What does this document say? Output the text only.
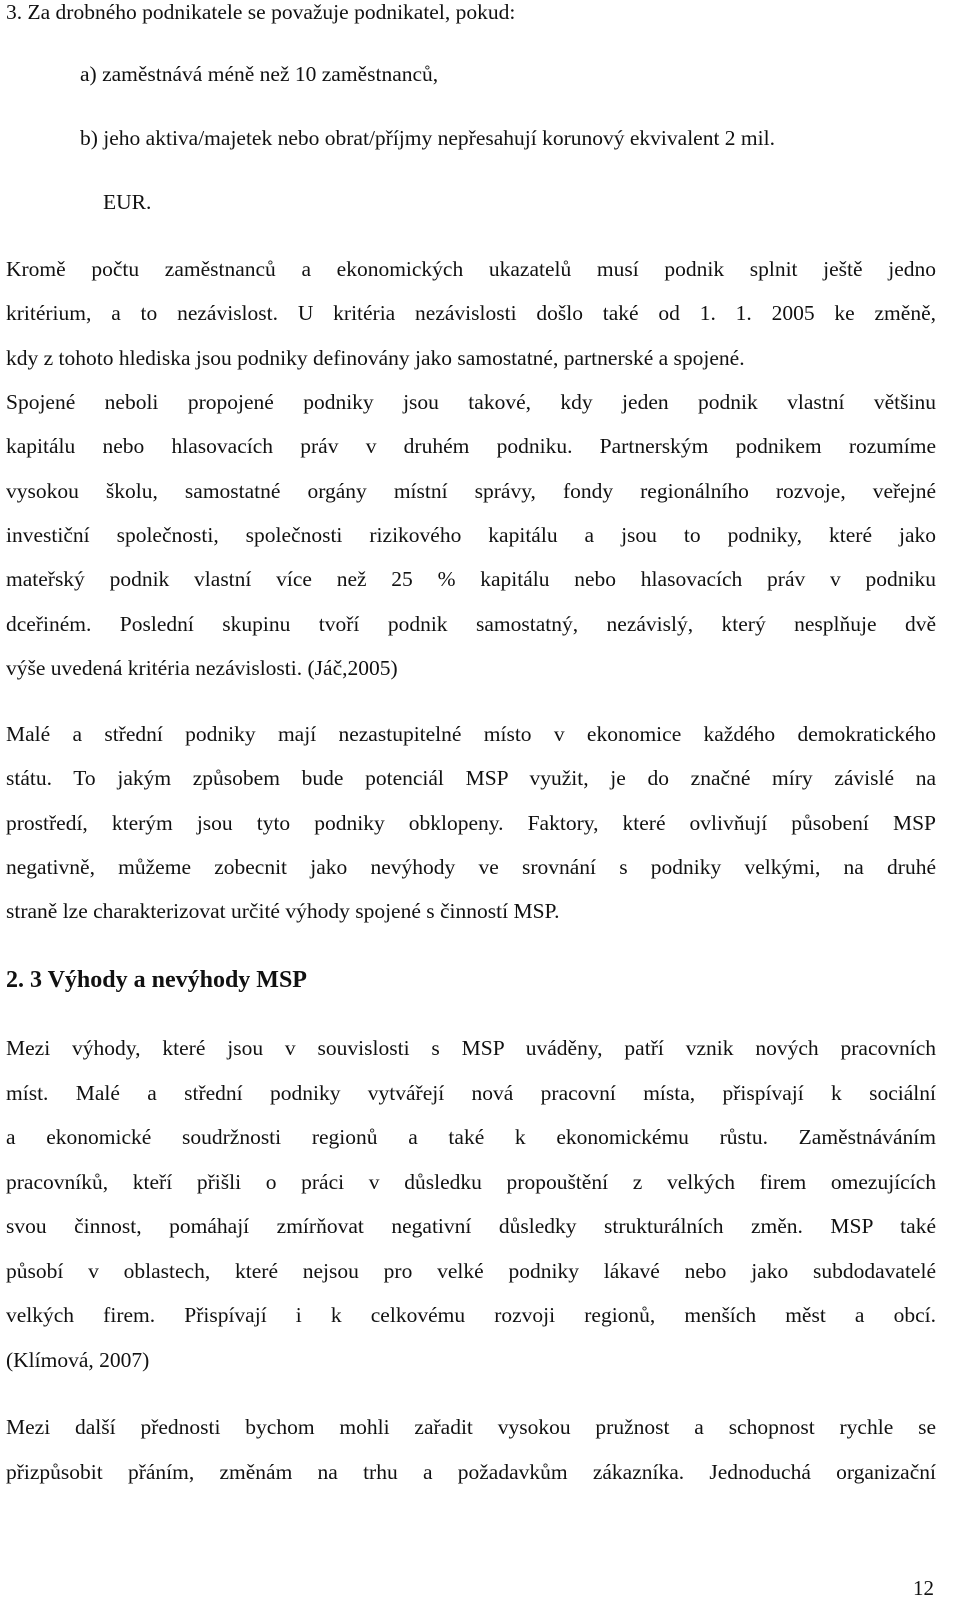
3. Za drobného podnikatele se považuje podnikatel, pokud:
a) zaměstnává méně než 10 zaměstnanců,
b) jeho aktiva/majetek nebo obrat/příjmy nepřesahují korunový ekvivalent 2 mil.
EUR.
Kromě počtu zaměstnanců a ekonomických ukazatelů musí podnik splnit ještě jedno
kritérium, a to nezávislost. U kritéria nezávislosti došlo také od 1. 1. 2005 ke změně,
kdy z tohoto hlediska jsou podniky definovány jako samostatné, partnerské a spojené.
Spojené neboli propojené podniky jsou takové, kdy jeden podnik vlastní většinu
kapitálu nebo hlasovacích práv v druhém podniku. Partnerským podnikem rozumíme
vysokou školu, samostatné orgány místní správy, fondy regionálního rozvoje, veřejné
investiční společnosti, společnosti rizikového kapitálu a jsou to podniky, které jako
mateřský podnik vlastní více než 25 % kapitálu nebo hlasovacích práv v podniku
dceřiném. Poslední skupinu tvoří podnik samostatný, nezávislý, který nesplňuje dvě
výše uvedená kritéria nezávislosti. (Jáč,2005)
Malé a střední podniky mají nezastupitelné místo v ekonomice každého demokratického
státu. To jakým způsobem bude potenciál MSP využit, je do značné míry závislé na
prostředí, kterým jsou tyto podniky obklopeny. Faktory, které ovlivňují působení MSP
negativně, můžeme zobecnit jako nevýhody ve srovnání s podniky velkými, na druhé
straně lze charakterizovat určité výhody spojené s činností MSP.
2. 3 Výhody a nevýhody MSP
Mezi výhody, které jsou v souvislosti s MSP uváděny, patří vznik nových pracovních
míst. Malé a střední podniky vytvářejí nová pracovní místa, přispívají k sociální
a ekonomické soudržnosti regionů a také k ekonomickému růstu. Zaměstnáváním
pracovníků, kteří přišli o práci v důsledku propouštění z velkých firem omezujících
svou činnost, pomáhají zmírňovat negativní důsledky strukturálních změn. MSP také
působí v oblastech, které nejsou pro velké podniky lákavé nebo jako subdodavatelé
velkých firem. Přispívají i k celkovému rozvoji regionů, menších měst a obcí.
(Klímová, 2007)
Mezi další přednosti bychom mohli zařadit vysokou pružnost a schopnost rychle se
přizpůsobit přáním, změnám na trhu a požadavkům zákazníka. Jednoduchá organizační
12
